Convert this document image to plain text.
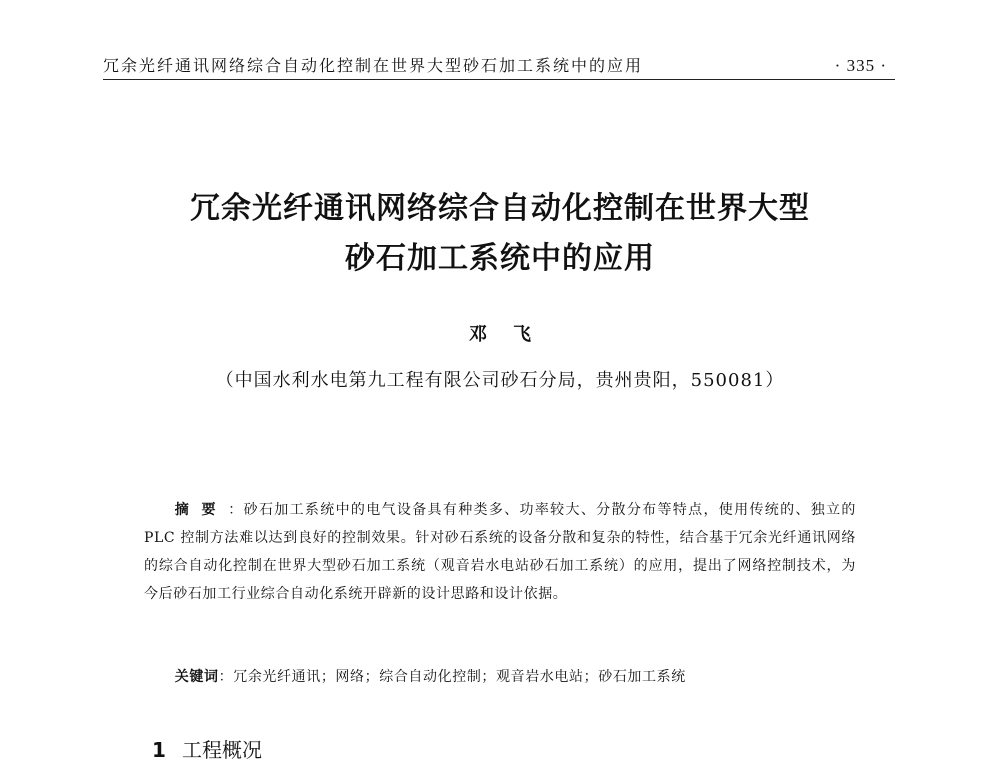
冗余光纤通讯网络综合自动化控制在世界大型砂石加工系统中的应用	· 335 ·
冗余光纤通讯网络综合自动化控制在世界大型
砂石加工系统中的应用
邓飞
（中国水利水电第九工程有限公司砂石分局，贵州贵阳，550081）

摘要：砂石加工系统中的电气设备具有种类多、功率较大、分散分布等特点，使用传统的、独立的 PLC 控制方法难以达到良好的控制效果。针对砂石系统的设备分散和复杂的特性，结合基于冗余光纤通讯网络的综合自动化控制在世界大型砂石加工系统（观音岩水电站砂石加工系统）的应用，提出了网络控制技术，为今后砂石加工行业综合自动化系统开辟新的设计思路和设计依据。

关键词：冗余光纤通讯；网络；综合自动化控制；观音岩水电站；砂石加工系统

1 工程概况
